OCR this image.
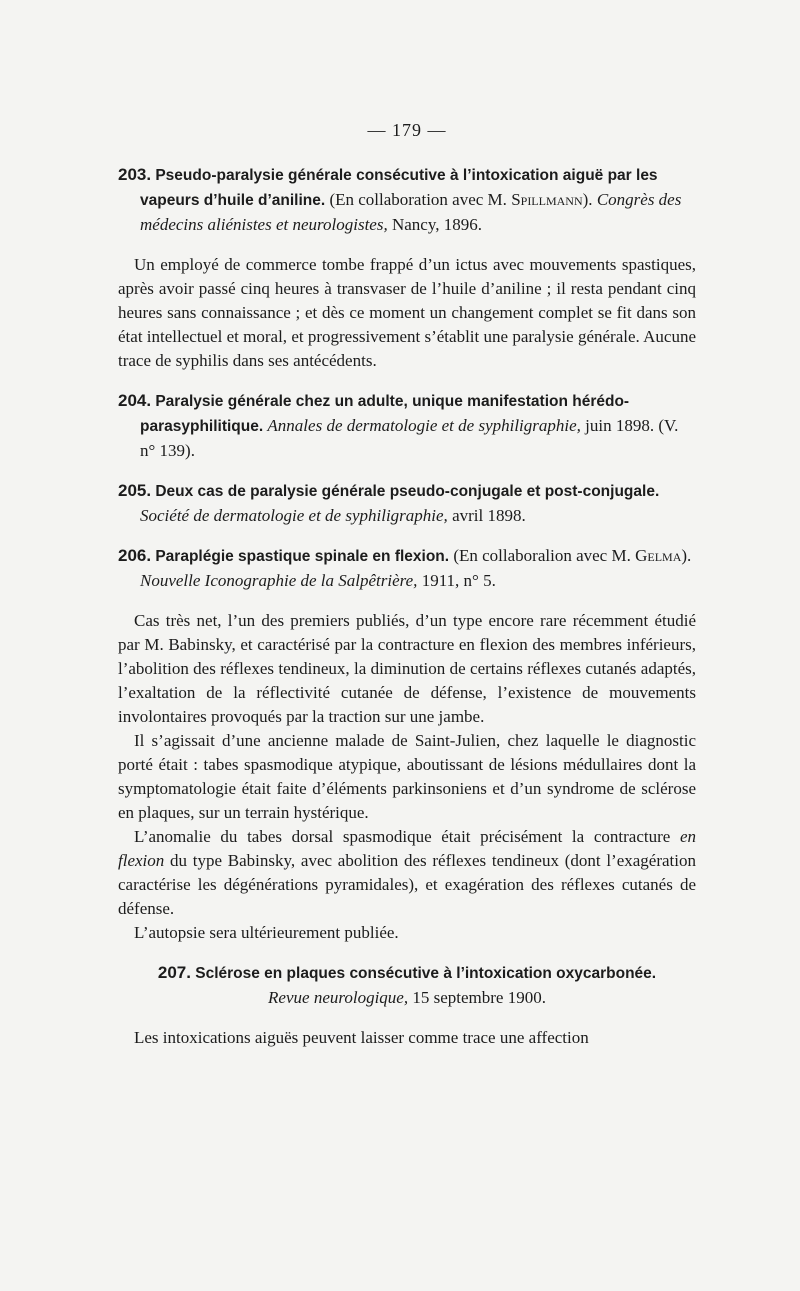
— 179 —
203. Pseudo-paralysie générale consécutive à l’intoxication aiguë par les vapeurs d’huile d’aniline. (En collaboration avec M. Spillmann). Congrès des médecins aliénistes et neurologistes, Nancy, 1896.

Un employé de commerce tombe frappé d’un ictus avec mouvements spastiques, après avoir passé cinq heures à transvaser de l’huile d’aniline ; il resta pendant cinq heures sans connaissance ; et dès ce moment un changement complet se fit dans son état intellectuel et moral, et progressivement s’établit une paralysie générale. Aucune trace de syphilis dans ses antécédents.

204. Paralysie générale chez un adulte, unique manifestation hérédo-parasyphilitique. Annales de dermatologie et de syphiligraphie, juin 1898. (V. n° 139).
205. Deux cas de paralysie générale pseudo-conjugale et post-conjugale. Société de dermatologie et de syphiligraphie, avril 1898.
206. Paraplégie spastique spinale en flexion. (En collaboralion avec M. Gelma). Nouvelle Iconographie de la Salpêtrière, 1911, n° 5.

Cas très net, l’un des premiers publiés, d’un type encore rare récemment étudié par M. Babinsky, et caractérisé par la contracture en flexion des membres inférieurs, l’abolition des réflexes tendineux, la diminution de certains réflexes cutanés adaptés, l’exaltation de la réflectivité cutanée de défense, l’existence de mouvements involontaires provoqués par la traction sur une jambe.

Il s’agissait d’une ancienne malade de Saint-Julien, chez laquelle le diagnostic porté était : tabes spasmodique atypique, aboutissant de lésions médullaires dont la symptomatologie était faite d’éléments parkinsoniens et d’un syndrome de sclérose en plaques, sur un terrain hystérique.

L’anomalie du tabes dorsal spasmodique était précisément la contracture en flexion du type Babinsky, avec abolition des réflexes tendineux (dont l’exagération caractérise les dégénérations pyramidales), et exagération des réflexes cutanés de défense.

L’autopsie sera ultérieurement publiée.

207. Sclérose en plaques consécutive à l’intoxication oxycarbonée.
Revue neurologique, 15 septembre 1900.

Les intoxications aiguës peuvent laisser comme trace une affection
